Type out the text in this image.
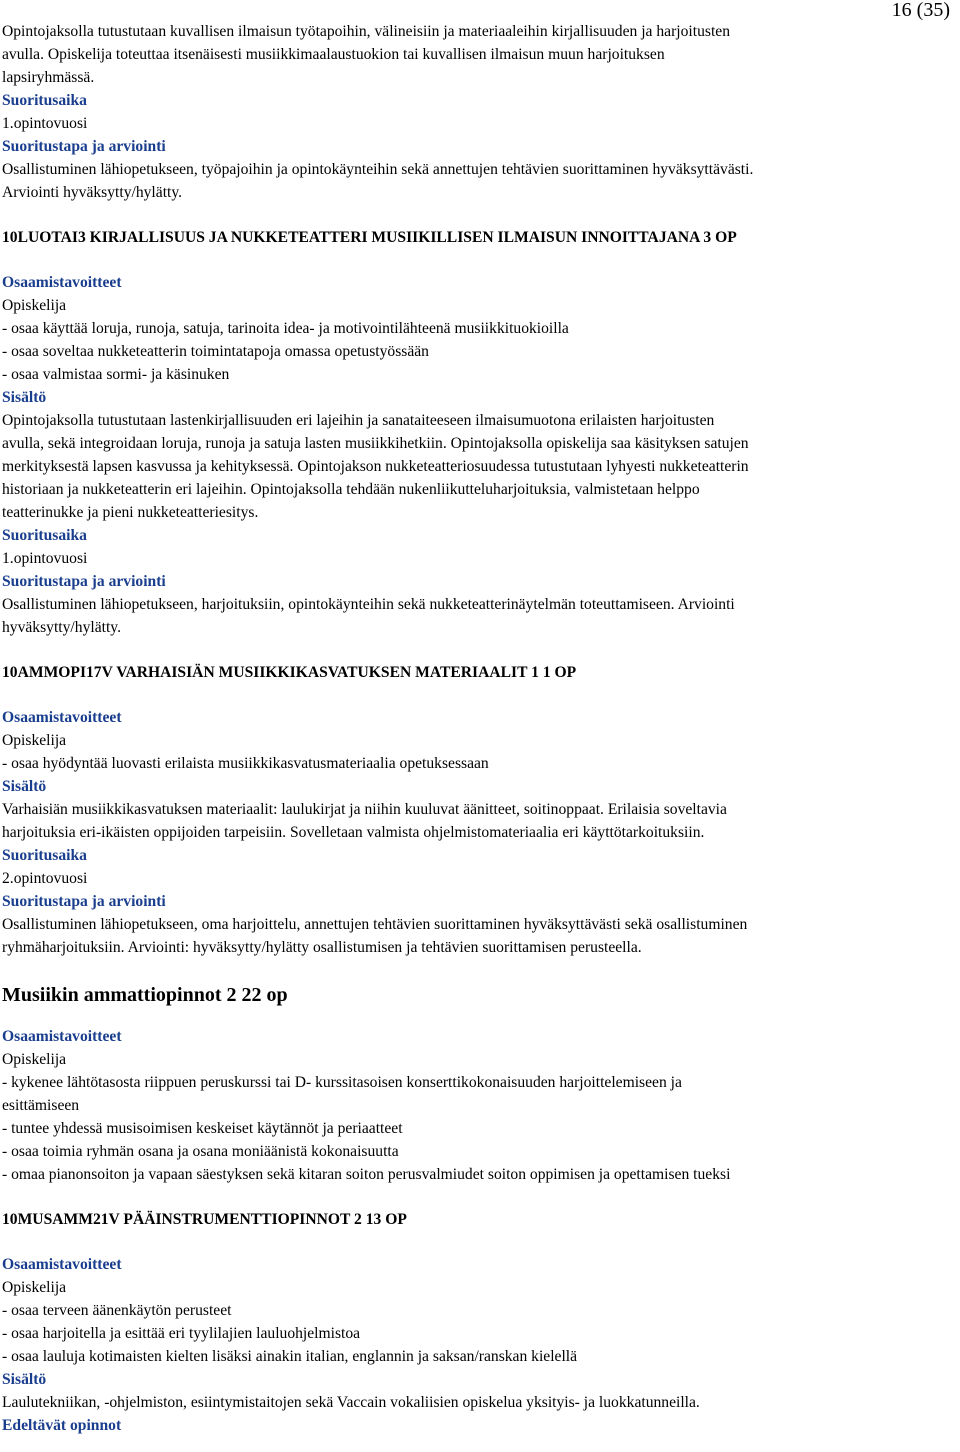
16 (35)

Opintojaksolla tutustutaan kuvallisen ilmaisun työtapoihin, välineisiin ja materiaaleihin kirjallisuuden ja harjoitusten

avulla. Opiskelija toteuttaa itsenäisesti musiikkimaalaustuokion tai kuvallisen ilmaisun muun harjoituksen

lapsiryhmässä.

Suoritusaika

1.opintovuosi

Suoritustapa ja arviointi

Osallistuminen lähiopetukseen, työpajoihin ja opintokäynteihin sekä annettujen tehtävien suorittaminen hyväksyttävästi.

Arviointi hyväksytty/hylätty.

10LUOTAI3 KIRJALLISUUS JA NUKKETEATTERI MUSIIKILLISEN ILMAISUN INNOITTAJANA 3 OP

Osaamistavoitteet

Opiskelija

- osaa käyttää loruja, runoja, satuja, tarinoita idea- ja motivointilähteenä musiikkituokioilla

- osaa soveltaa nukketeatterin toimintatapoja omassa opetustyössään

- osaa valmistaa sormi- ja käsinuken

Sisältö

Opintojaksolla tutustutaan lastenkirjallisuuden eri lajeihin ja sanataiteeseen ilmaisumuotona erilaisten harjoitusten

avulla, sekä integroidaan loruja, runoja ja satuja lasten musiikkihetkiin. Opintojaksolla opiskelija saa käsityksen satujen

merkityksestä lapsen kasvussa ja kehityksessä. Opintojakson nukketeatteriosuudessa tutustutaan lyhyesti nukketeatterin

historiaan ja nukketeatterin eri lajeihin. Opintojaksolla tehdään nukenliikutteluharjoituksia, valmistetaan helppo

teatterinukke ja pieni nukketeatteriesitys.

Suoritusaika

1.opintovuosi

Suoritustapa ja arviointi

Osallistuminen lähiopetukseen, harjoituksiin, opintokäynteihin sekä nukketeatterinäytelmän toteuttamiseen. Arviointi

hyväksytty/hylätty.

10AMMOPI17V VARHAISIÄN MUSIIKKIKASVATUKSEN MATERIAALIT 1 1 OP

Osaamistavoitteet

Opiskelija

- osaa hyödyntää luovasti erilaista musiikkikasvatusmateriaalia opetuksessaan

Sisältö

Varhaisiän musiikkikasvatuksen materiaalit: laulukirjat ja niihin kuuluvat äänitteet, soitinoppaat. Erilaisia soveltavia

harjoituksia eri-ikäisten oppijoiden tarpeisiin. Sovelletaan valmista ohjelmistomateriaalia eri käyttötarkoituksiin.

Suoritusaika

2.opintovuosi

Suoritustapa ja arviointi

Osallistuminen lähiopetukseen, oma harjoittelu, annettujen tehtävien suorittaminen hyväksyttävästi sekä osallistuminen

ryhmäharjoituksiin. Arviointi: hyväksytty/hylätty osallistumisen ja tehtävien suorittamisen perusteella.

Musiikin ammattiopinnot 2 22 op

Osaamistavoitteet

Opiskelija

- kykenee lähtötasosta riippuen peruskurssi tai D- kurssitasoisen konserttikokonaisuuden harjoittelemiseen ja

esittämiseen

- tuntee yhdessä musisoimisen keskeiset käytännöt ja periaatteet

- osaa toimia ryhmän osana ja osana moniäänistä kokonaisuutta

- omaa pianonsoiton ja vapaan säestyksen sekä kitaran soiton perusvalmiudet soiton oppimisen ja opettamisen tueksi

10MUSAMM21V PÄÄINSTRUMENTTIOPINNOT 2 13 OP

Osaamistavoitteet

Opiskelija

- osaa terveen äänenkäytön perusteet

- osaa harjoitella ja esittää eri tyylilajien lauluohjelmistoa

- osaa lauluja kotimaisten kielten lisäksi ainakin italian, englannin ja saksan/ranskan kielellä

Sisältö

Laulutekniikan, -ohjelmiston, esiintymistaitojen sekä Vaccain vokaliisien opiskelua yksityis- ja luokkatunneilla.

Edeltävät opinnot
